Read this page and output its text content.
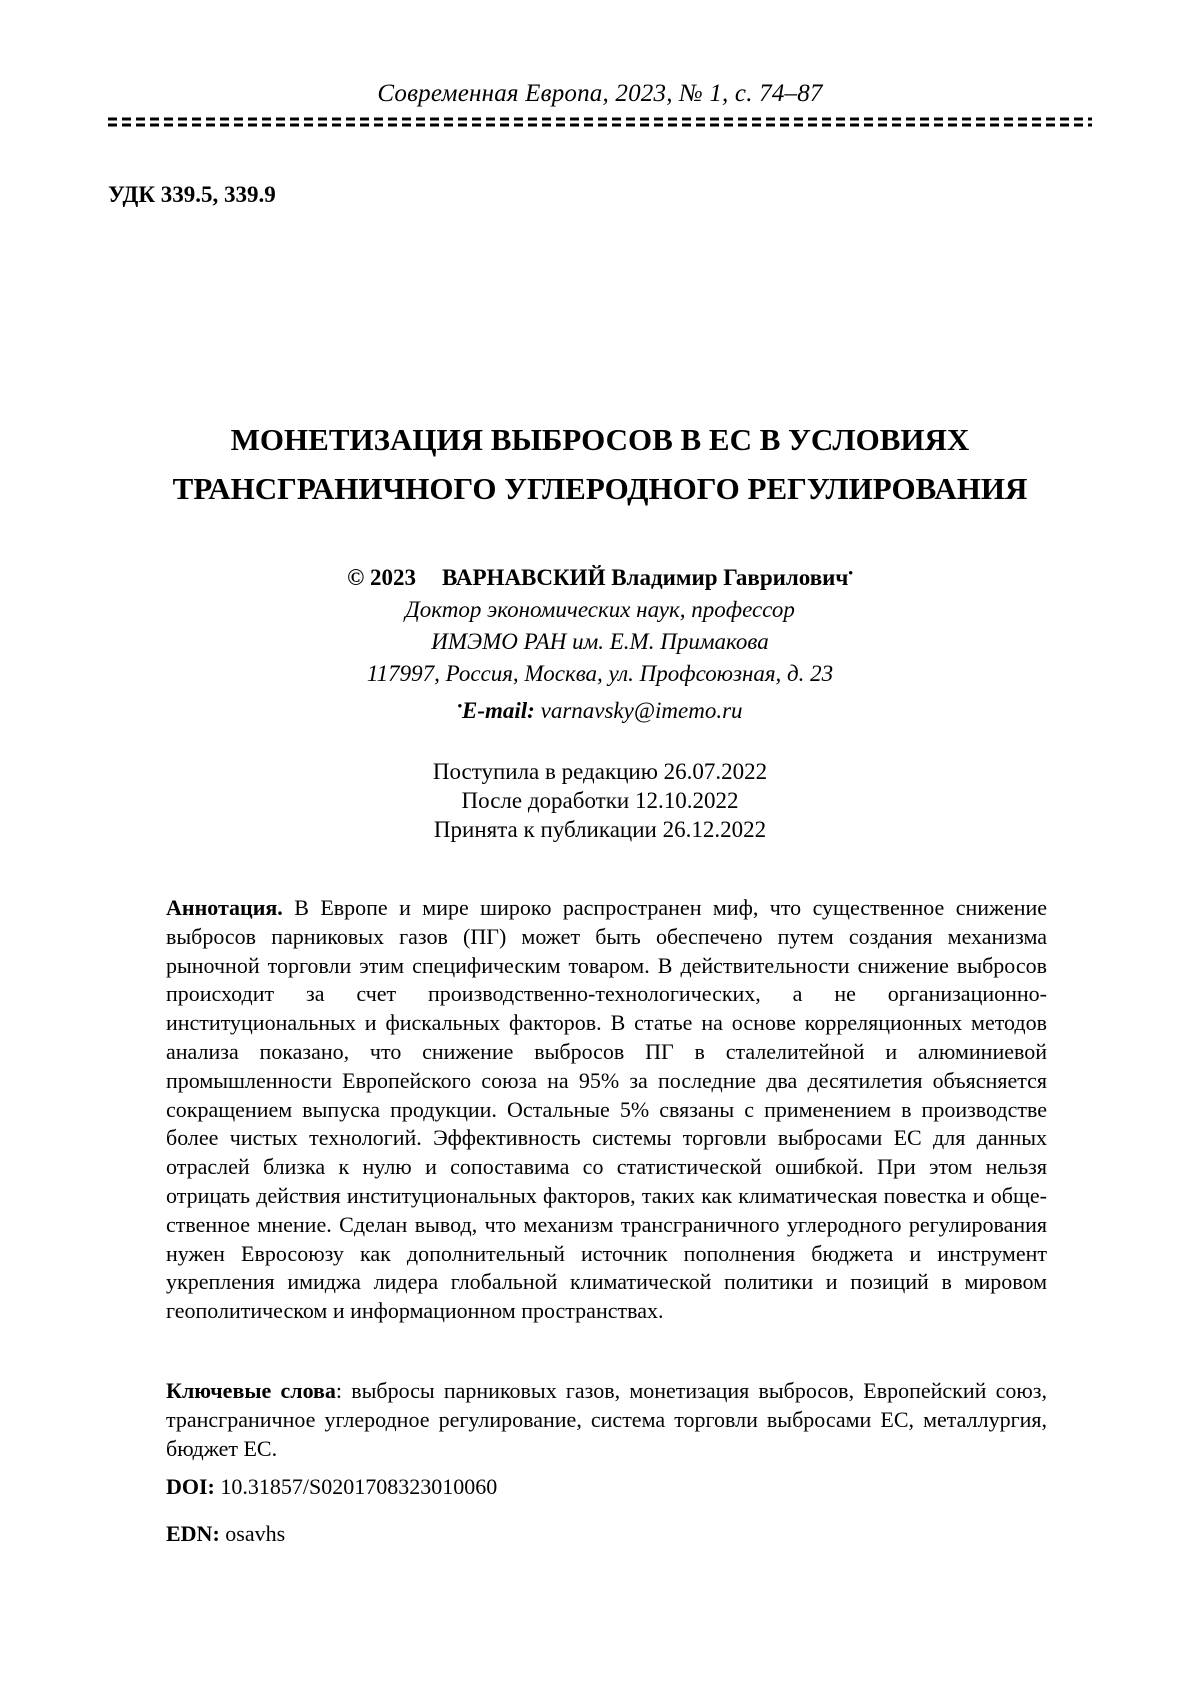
Современная Европа, 2023, № 1, с. 74–87
УДК 339.5, 339.9
МОНЕТИЗАЦИЯ ВЫБРОСОВ В ЕС В УСЛОВИЯХ
ТРАНСГРАНИЧНОГО УГЛЕРОДНОГО РЕГУЛИРОВАНИЯ
© 2023 ВАРНАВСКИЙ Владимир Гаврилович•
Доктор экономических наук, профессор
ИМЭМО РАН им. Е.М. Примакова
117997, Россия, Москва, ул. Профсоюзная, д. 23
•E-mail: varnavsky@imemo.ru
Поступила в редакцию 26.07.2022
После доработки 12.10.2022
Принята к публикации 26.12.2022
Аннотация. В Европе и мире широко распространен миф, что существенное снижение выбросов парниковых газов (ПГ) может быть обеспечено путем создания механизма рыночной торговли этим специфическим товаром. В действительности снижение выбросов происходит за счет производственно-технологических, а не организационно-институциональных и фискальных факторов. В статье на основе корреляционных методов анализа показано, что снижение выбросов ПГ в сталелитейной и алюминиевой промышленности Европейского союза на 95% за последние два десятилетия объясняется сокращением выпуска продукции. Остальные 5% связаны с применением в производстве более чистых технологий. Эффективность системы торговли выбросами ЕС для данных отраслей близка к нулю и сопоставима со статистической ошибкой. При этом нельзя отрицать действия институциональных факторов, таких как климатическая повестка и общественное мнение. Сделан вывод, что механизм трансграничного углеродного регулирования нужен Евросоюзу как дополнительный источник пополнения бюджета и инструмент укрепления имиджа лидера глобальной климатической политики и позиций в мировом геополитическом и информационном пространствах.
Ключевые слова: выбросы парниковых газов, монетизация выбросов, Европейский союз, трансграничное углеродное регулирование, система торговли выбросами ЕС, металлургия, бюджет ЕС.
DOI: 10.31857/S0201708323010060
EDN: osavhs
